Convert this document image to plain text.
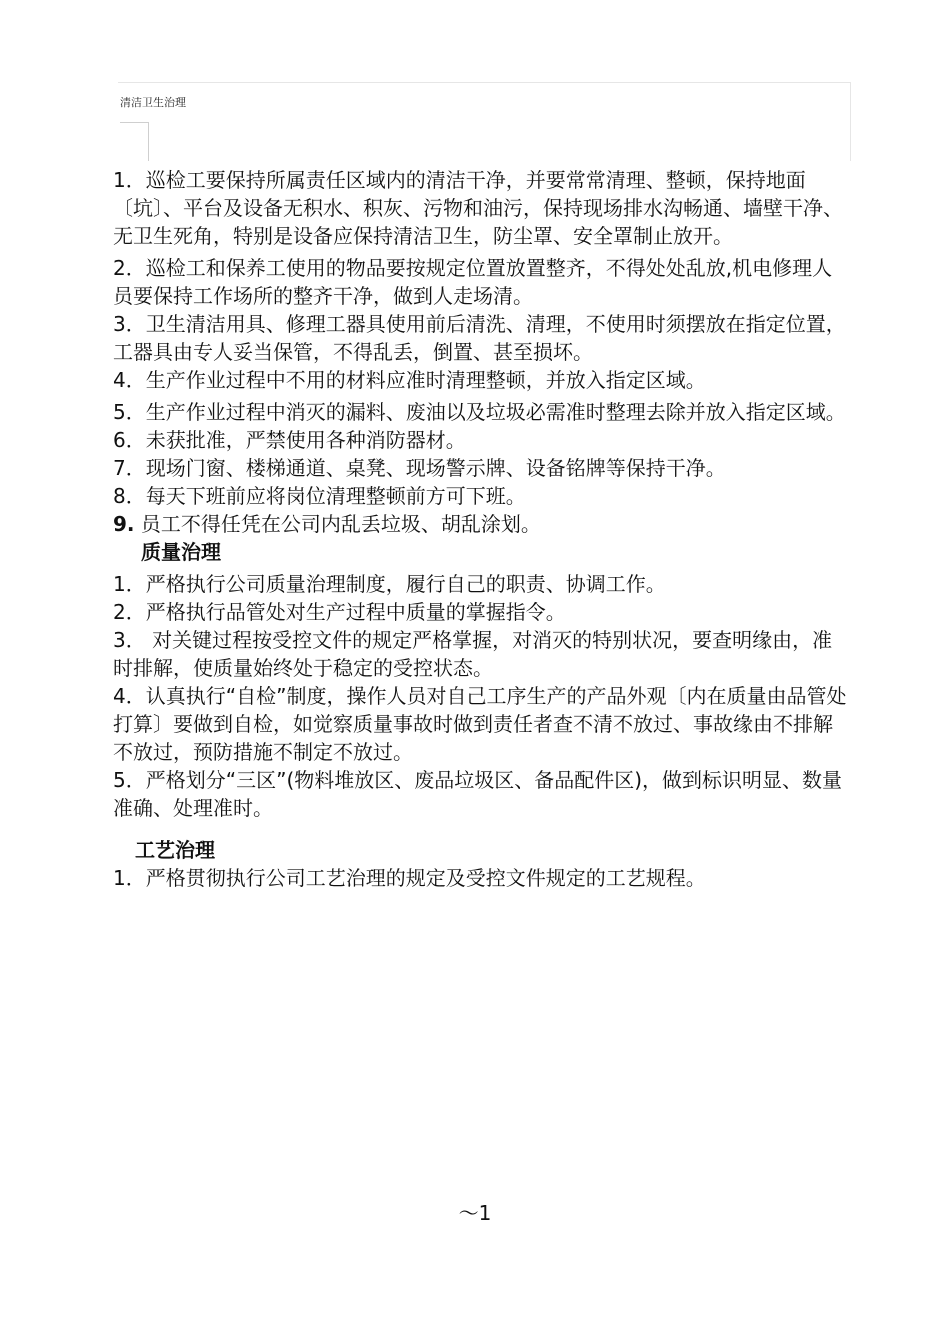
清洁卫生治理

1．巡检工要保持所属责任区域内的清洁干净，并要常常清理、整顿，保持地面〔坑〕、平台及设备无积水、积灰、污物和油污，保持现场排水沟畅通、墙壁干净、无卫生死角，特别是设备应保持清洁卫生，防尘罩、安全罩制止放开。

2．巡检工和保养工使用的物品要按规定位置放置整齐，不得处处乱放,机电修理人员要保持工作场所的整齐干净，做到人走场清。

3．卫生清洁用具、修理工器具使用前后清洗、清理，不使用时须摆放在指定位置，工器具由专人妥当保管，不得乱丢，倒置、甚至损坏。

4．生产作业过程中不用的材料应准时清理整顿，并放入指定区域。

5．生产作业过程中消灭的漏料、废油以及垃圾必需准时整理去除并放入指定区域。

6．未获批准，严禁使用各种消防器材。

7．现场门窗、楼梯通道、桌凳、现场警示牌、设备铭牌等保持干净。

8．每天下班前应将岗位清理整顿前方可下班。

9. 员工不得任凭在公司内乱丢垃圾、胡乱涂划。

质量治理

1．严格执行公司质量治理制度，履行自己的职责、协调工作。

2．严格执行品管处对生产过程中质量的掌握指令。

3． 对关键过程按受控文件的规定严格掌握，对消灭的特别状况，要查明缘由，准时排解，使质量始终处于稳定的受控状态。

4．认真执行“自检”制度，操作人员对自己工序生产的产品外观〔内在质量由品管处打算〕要做到自检，如觉察质量事故时做到责任者查不清不放过、事故缘由不排解不放过，预防措施不制定不放过。

5．严格划分“三区”(物料堆放区、废品垃圾区、备品配件区)，做到标识明显、数量准确、处理准时。

工艺治理

1．严格贯彻执行公司工艺治理的规定及受控文件规定的工艺规程。

～1
